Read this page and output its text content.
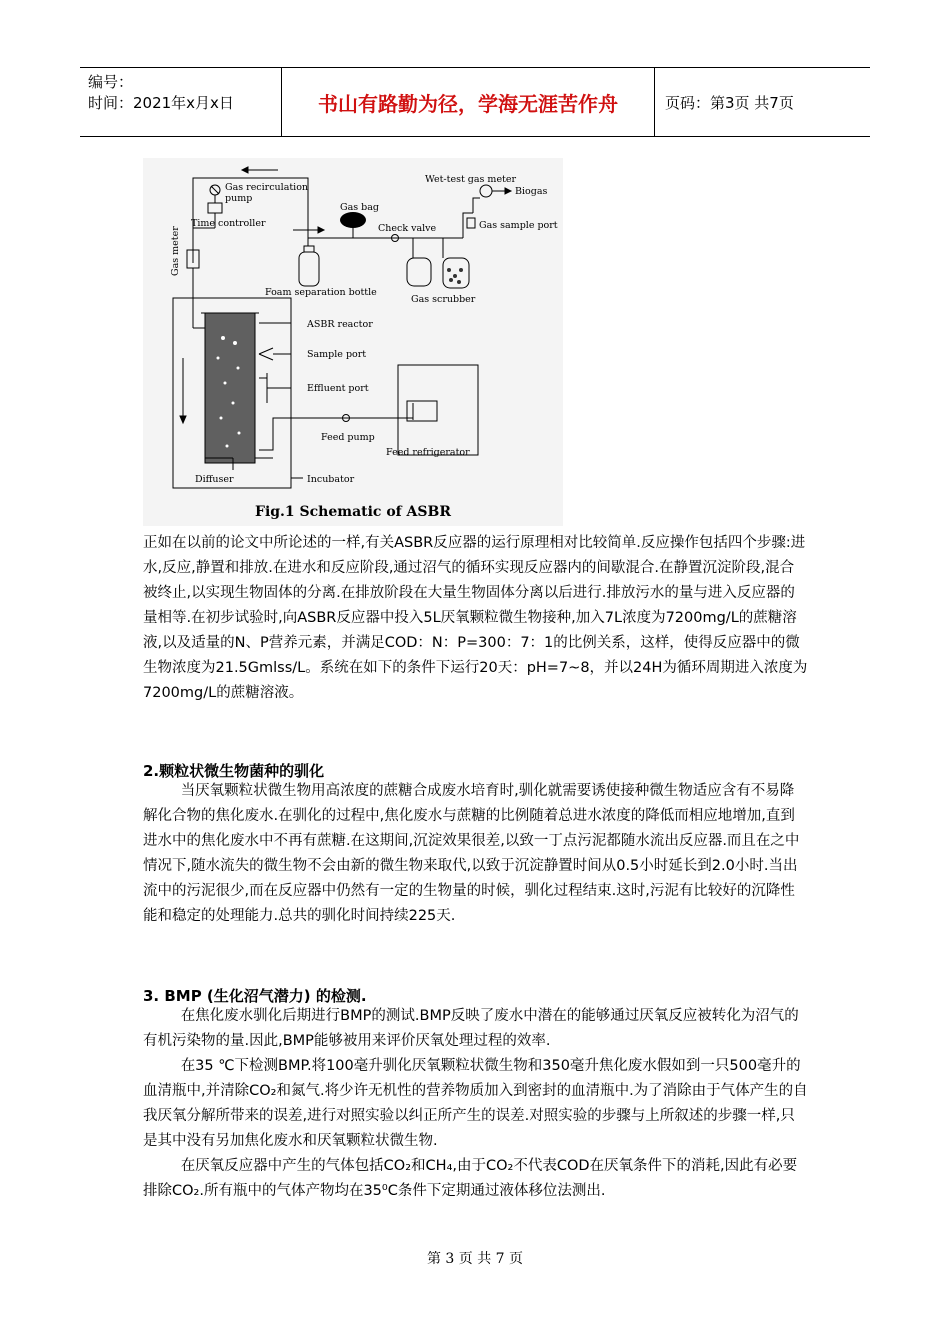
编号：
时间：2021年x月x日	书山有路勤为径，学海无涯苦作舟	页码：第3页 共7页
Gas recirculation
pump
Time controller
Gas meter
Gas bag
Check valve
Wet-test gas meter
Biogas
Gas sample port
Foam separation bottle
Gas scrubber
ASBR reactor
Sample port
Effluent port
Feed pump
Feed refrigerator
Diffuser	Incubator
Fig.1 Schematic of ASBR

正如在以前的论文中所论述的一样,有关ASBR反应器的运行原理相对比较简单.反应操作包括四个步骤:进水,反应,静置和排放.在进水和反应阶段,通过沼气的循环实现反应器内的间歇混合.在静置沉淀阶段,混合被终止,以实现生物固体的分离.在排放阶段在大量生物固体分离以后进行.排放污水的量与进入反应器的量相等.在初步试验时,向ASBR反应器中投入5L厌氧颗粒微生物接种,加入7L浓度为7200mg/L的蔗糖溶液,以及适量的N、P营养元素，并满足COD：N：P=300：7：1的比例关系，这样，使得反应器中的微生物浓度为21.5Gmlss/L。系统在如下的条件下运行20天：pH=7~8，并以24H为循环周期进入浓度为7200mg/L的蔗糖溶液。

2.颗粒状微生物菌种的驯化

当厌氧颗粒状微生物用高浓度的蔗糖合成废水培育时,驯化就需要诱使接种微生物适应含有不易降解化合物的焦化废水.在驯化的过程中,焦化废水与蔗糖的比例随着总进水浓度的降低而相应地增加,直到进水中的焦化废水中不再有蔗糖.在这期间,沉淀效果很差,以致一丁点污泥都随水流出反应器.而且在之中情况下,随水流失的微生物不会由新的微生物来取代,以致于沉淀静置时间从0.5小时延长到2.0小时.当出流中的污泥很少,而在反应器中仍然有一定的生物量的时候，驯化过程结束.这时,污泥有比较好的沉降性能和稳定的处理能力.总共的驯化时间持续225天.

3. BMP (生化沼气潜力) 的检测.

在焦化废水驯化后期进行BMP的测试.BMP反映了废水中潜在的能够通过厌氧反应被转化为沼气的有机污染物的量.因此,BMP能够被用来评价厌氧处理过程的效率.

在35 ℃下检测BMP.将100毫升驯化厌氧颗粒状微生物和350毫升焦化废水假如到一只500毫升的血清瓶中,并清除CO₂和氮气.将少许无机性的营养物质加入到密封的血清瓶中.为了消除由于气体产生的自我厌氧分解所带来的误差,进行对照实验以纠正所产生的误差.对照实验的步骤与上所叙述的步骤一样,只是其中没有另加焦化废水和厌氧颗粒状微生物.

在厌氧反应器中产生的气体包括CO₂和CH₄,由于CO₂不代表COD在厌氧条件下的消耗,因此有必要排除CO₂.所有瓶中的气体产物均在35⁰C条件下定期通过液体移位法测出.

第 3 页 共 7 页
